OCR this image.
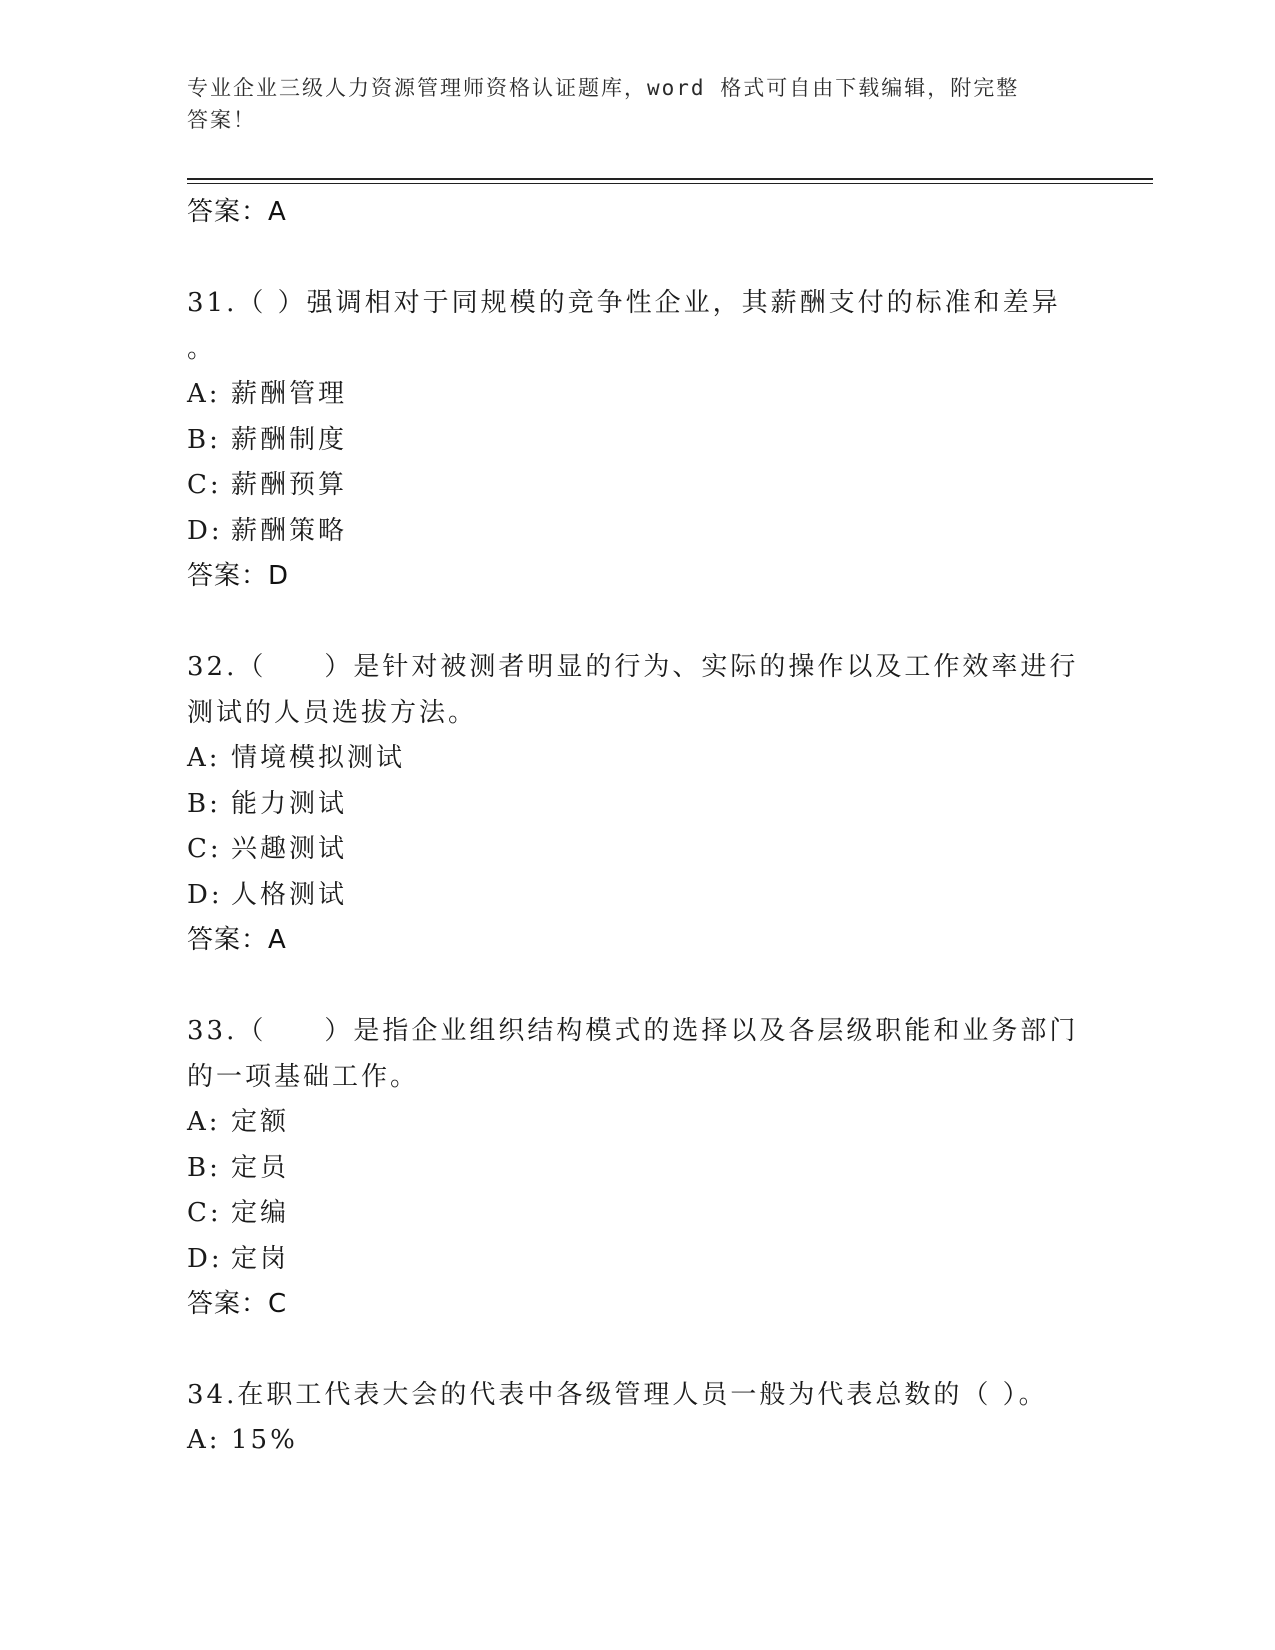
专业企业三级人力资源管理师资格认证题库，word 格式可自由下载编辑，附完整
答案！
答案：A
31.（ ）强调相对于同规模的竞争性企业，其薪酬支付的标准和差异
。
A: 薪酬管理
B: 薪酬制度
C: 薪酬预算
D: 薪酬策略
答案：D
32.（　　）是针对被测者明显的行为、实际的操作以及工作效率进行
测试的人员选拔方法。
A: 情境模拟测试
B: 能力测试
C: 兴趣测试
D: 人格测试
答案：A
33.（　　）是指企业组织结构模式的选择以及各层级职能和业务部门
的一项基础工作。
A: 定额
B: 定员
C: 定编
D: 定岗
答案：C
34.在职工代表大会的代表中各级管理人员一般为代表总数的（ ）。
A: 15%
